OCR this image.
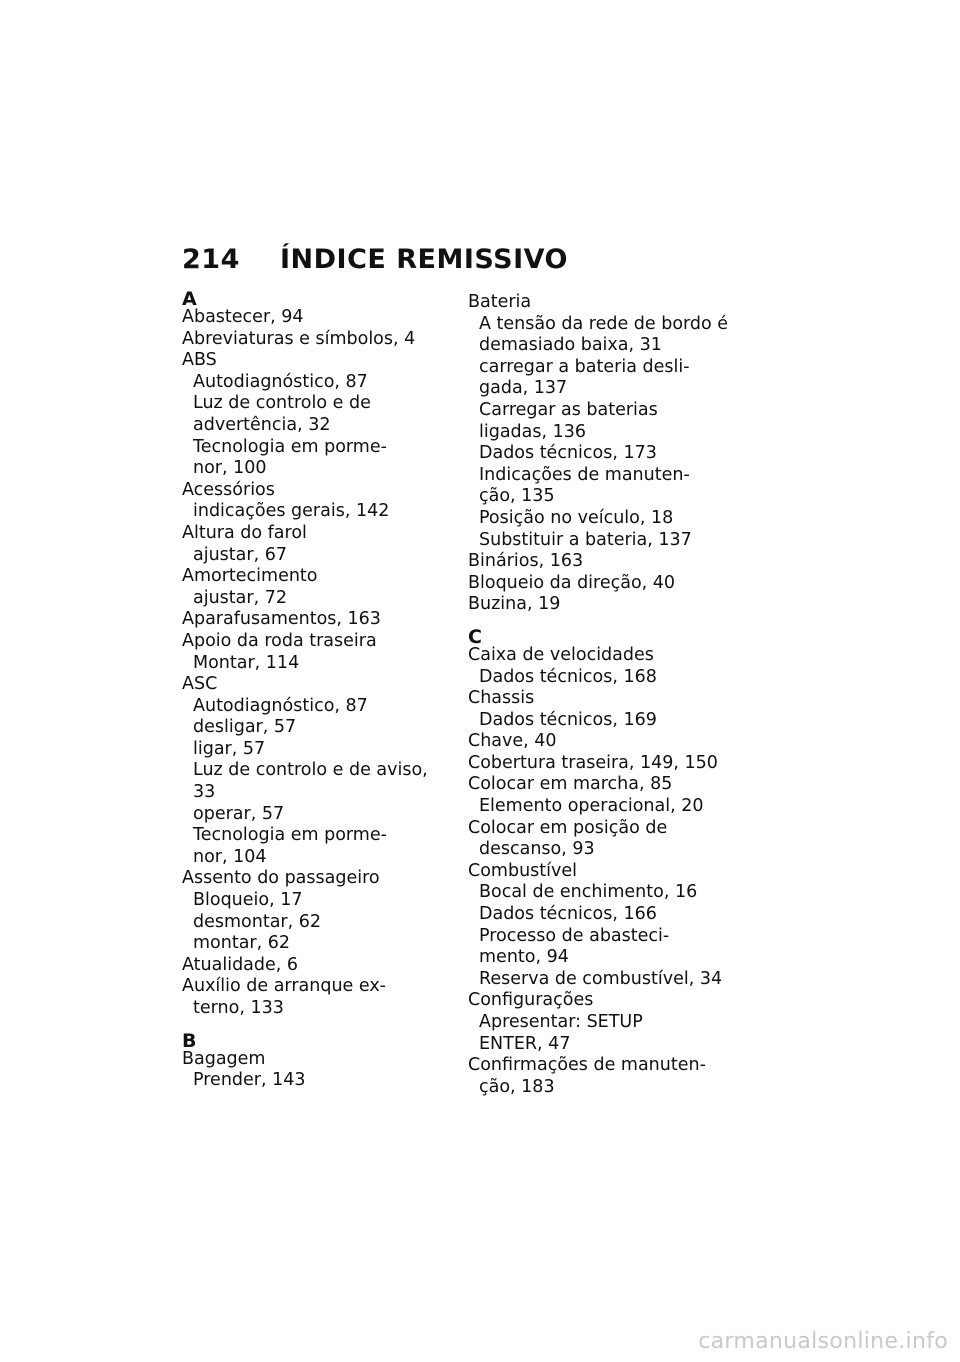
214 ÍNDICE REMISSIVO
A
Abastecer, 94
Abreviaturas e símbolos, 4
ABS
Autodiagnóstico, 87
Luz de controlo e de
advertência, 32
Tecnologia em porme-
nor, 100
Acessórios
indicações gerais, 142
Altura do farol
ajustar, 67
Amortecimento
ajustar, 72
Aparafusamentos, 163
Apoio da roda traseira
Montar, 114
ASC
Autodiagnóstico, 87
desligar, 57
ligar, 57
Luz de controlo e de aviso, 33
operar, 57
Tecnologia em porme-
nor, 104
Assento do passageiro
Bloqueio, 17
desmontar, 62
montar, 62
Atualidade, 6
Auxílio de arranque ex-
terno, 133
B
Bagagem
Prender, 143
Bateria
A tensão da rede de bordo é
demasiado baixa, 31
carregar a bateria desli-
gada, 137
Carregar as baterias
ligadas, 136
Dados técnicos, 173
Indicações de manuten-
ção, 135
Posição no veículo, 18
Substituir a bateria, 137
Binários, 163
Bloqueio da direção, 40
Buzina, 19
C
Caixa de velocidades
Dados técnicos, 168
Chassis
Dados técnicos, 169
Chave, 40
Cobertura traseira, 149, 150
Colocar em marcha, 85
Elemento operacional, 20
Colocar em posição de
descanso, 93
Combustível
Bocal de enchimento, 16
Dados técnicos, 166
Processo de abasteci-
mento, 94
Reserva de combustível, 34
Configurações
Apresentar: SETUP
ENTER, 47
Confirmações de manuten-
ção, 183
carmanualsonline.info
